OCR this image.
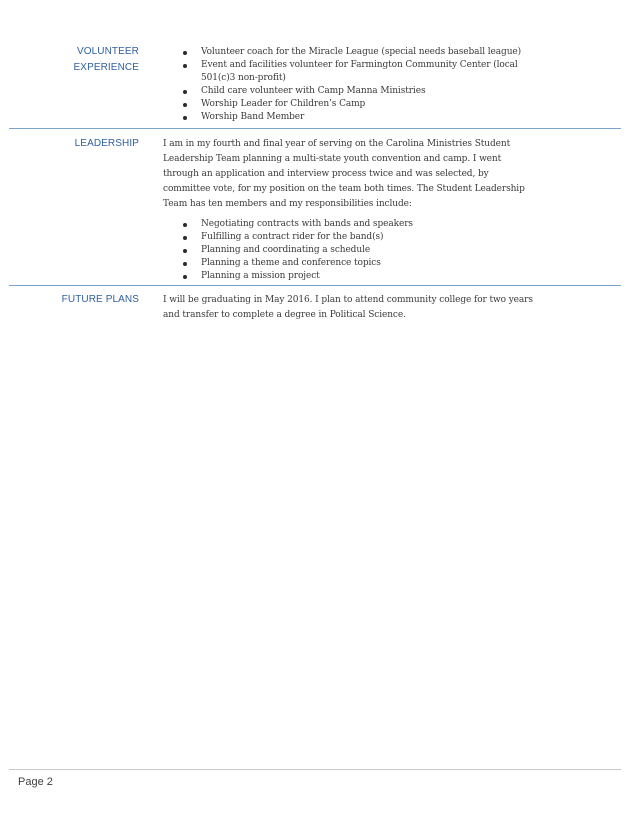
VOLUNTEER
EXPERIENCE
Volunteer coach for the Miracle League (special needs baseball league)
Event and facilities volunteer for Farmington Community Center (local 501(c)3 non-profit)
Child care volunteer with Camp Manna Ministries
Worship Leader for Children’s Camp
Worship Band Member
LEADERSHIP	I am in my fourth and final year of serving on the Carolina Ministries Student Leadership Team planning a multi-state youth convention and camp. I went through an application and interview process twice and was selected, by committee vote, for my position on the team both times. The Student Leadership Team has ten members and my responsibilities include:

Negotiating contracts with bands and speakers
Fulfilling a contract rider for the band(s)
Planning and coordinating a schedule
Planning a theme and conference topics
Planning a mission project
FUTURE PLANS	I will be graduating in May 2016. I plan to attend community college for two years and transfer to complete a degree in Political Science.

Page 2
